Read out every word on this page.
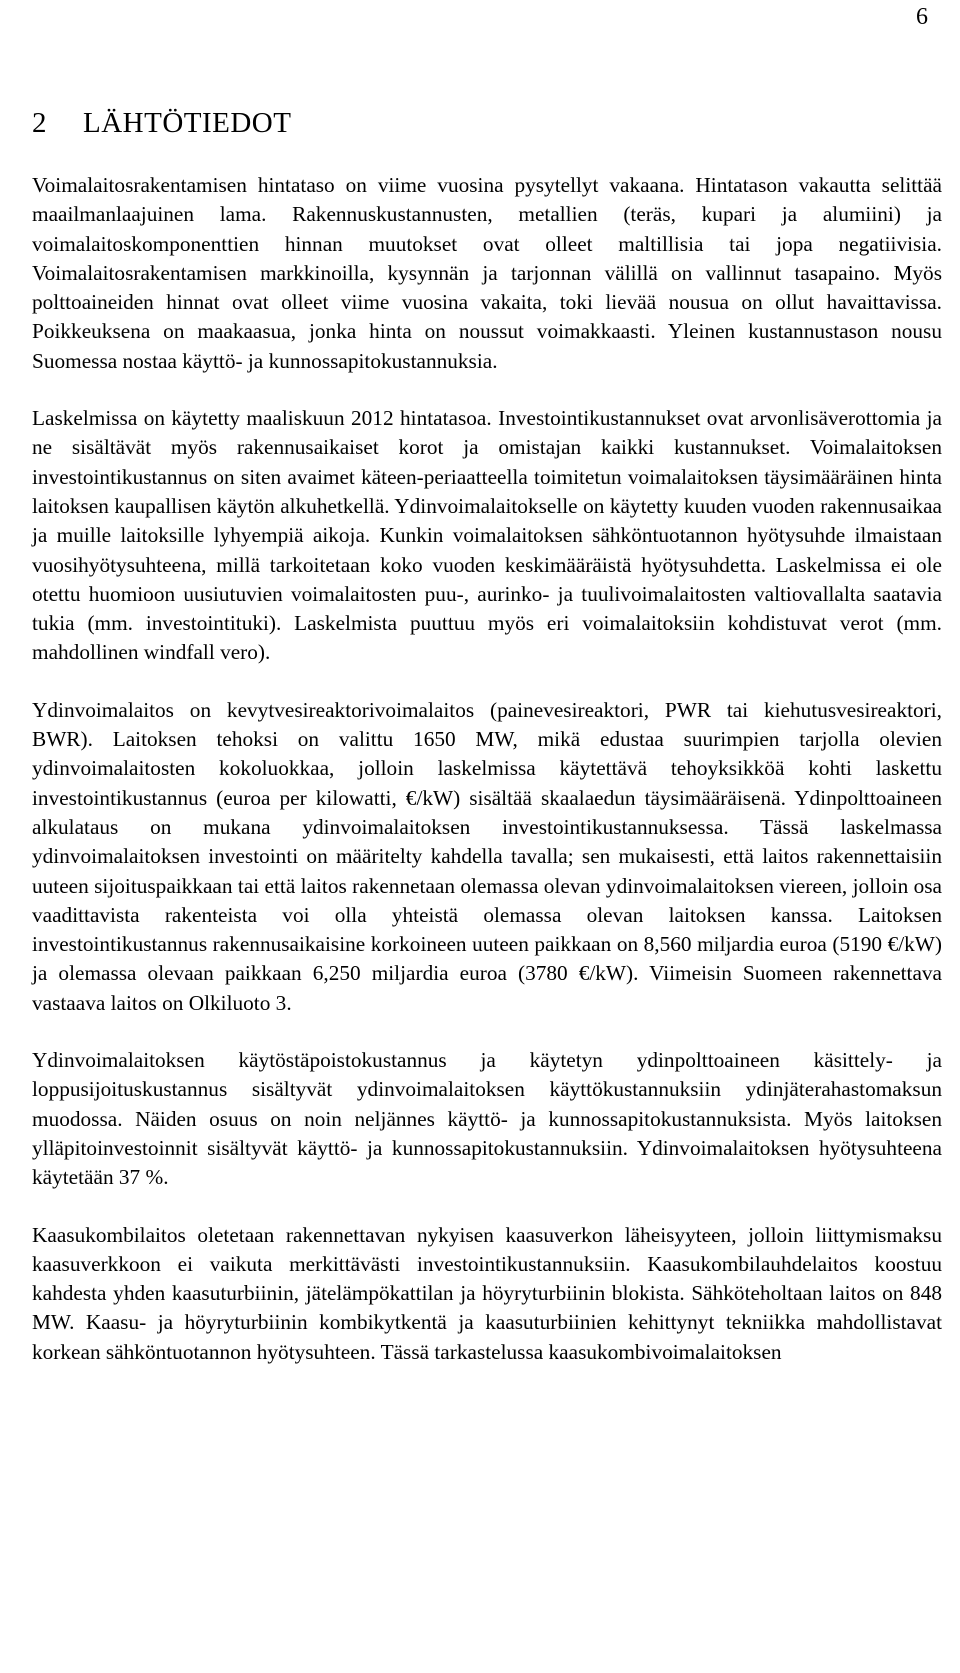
6
2 LÄHTÖTIEDOT

Voimalaitosrakentamisen hintataso on viime vuosina pysytellyt vakaana. Hintatason vakautta selittää maailmanlaajuinen lama. Rakennuskustannusten, metallien (teräs, kupari ja alumiini) ja voimalaitoskomponenttien hinnan muutokset ovat olleet maltillisia tai jopa negatiivisia. Voimalaitosrakentamisen markkinoilla, kysynnän ja tarjonnan välillä on vallinnut tasapaino. Myös polttoaineiden hinnat ovat olleet viime vuosina vakaita, toki lievää nousua on ollut havaittavissa. Poikkeuksena on maakaasua, jonka hinta on noussut voimakkaasti. Yleinen kustannustason nousu Suomessa nostaa käyttö- ja kunnossapitokustannuksia.

Laskelmissa on käytetty maaliskuun 2012 hintatasoa. Investointikustannukset ovat arvonlisäverottomia ja ne sisältävät myös rakennusaikaiset korot ja omistajan kaikki kustannukset. Voimalaitoksen investointikustannus on siten avaimet käteen-periaatteella toimitetun voimalaitoksen täysimääräinen hinta laitoksen kaupallisen käytön alkuhetkellä. Ydinvoimalaitokselle on käytetty kuuden vuoden rakennusaikaa ja muille laitoksille lyhyempiä aikoja. Kunkin voimalaitoksen sähköntuotannon hyötysuhde ilmaistaan vuosihyötysuhteena, millä tarkoitetaan koko vuoden keskimääräistä hyötysuhdetta. Laskelmissa ei ole otettu huomioon uusiutuvien voimalaitosten puu-, aurinko- ja tuulivoimalaitosten valtiovallalta saatavia tukia (mm. investointituki). Laskelmista puuttuu myös eri voimalaitoksiin kohdistuvat verot (mm. mahdollinen windfall vero).

Ydinvoimalaitos on kevytvesireaktorivoimalaitos (painevesireaktori, PWR tai kiehutusvesireaktori, BWR). Laitoksen tehoksi on valittu 1650 MW, mikä edustaa suurimpien tarjolla olevien ydinvoimalaitosten kokoluokkaa, jolloin laskelmissa käytettävä tehoyksikköä kohti laskettu investointikustannus (euroa per kilowatti, €/kW) sisältää skaalaedun täysimääräisenä. Ydinpolttoaineen alkulataus on mukana ydinvoimalaitoksen investointikustannuksessa. Tässä laskelmassa ydinvoimalaitoksen investointi on määritelty kahdella tavalla; sen mukaisesti, että laitos rakennettaisiin uuteen sijoituspaikkaan tai että laitos rakennetaan olemassa olevan ydinvoimalaitoksen viereen, jolloin osa vaadittavista rakenteista voi olla yhteistä olemassa olevan laitoksen kanssa. Laitoksen investointikustannus rakennusaikaisine korkoineen uuteen paikkaan on 8,560 miljardia euroa (5190 €/kW) ja olemassa olevaan paikkaan 6,250 miljardia euroa (3780 €/kW). Viimeisin Suomeen rakennettava vastaava laitos on Olkiluoto 3.

Ydinvoimalaitoksen käytöstäpoistokustannus ja käytetyn ydinpolttoaineen käsittely- ja loppusijoituskustannus sisältyvät ydinvoimalaitoksen käyttökustannuksiin ydinjäterahastomaksun muodossa. Näiden osuus on noin neljännes käyttö- ja kunnossapitokustannuksista. Myös laitoksen ylläpitoinvestoinnit sisältyvät käyttö- ja kunnossapitokustannuksiin. Ydinvoimalaitoksen hyötysuhteena käytetään 37 %.

Kaasukombilaitos oletetaan rakennettavan nykyisen kaasuverkon läheisyyteen, jolloin liittymismaksu kaasuverkkoon ei vaikuta merkittävästi investointikustannuksiin. Kaasukombilauhdelaitos koostuu kahdesta yhden kaasuturbiinin, jätelämpökattilan ja höyryturbiinin blokista. Sähköteholtaan laitos on 848 MW. Kaasu- ja höyryturbiinin kombikytkentä ja kaasuturbiinien kehittynyt tekniikka mahdollistavat korkean sähköntuotannon hyötysuhteen. Tässä tarkastelussa kaasukombivoimalaitoksen
